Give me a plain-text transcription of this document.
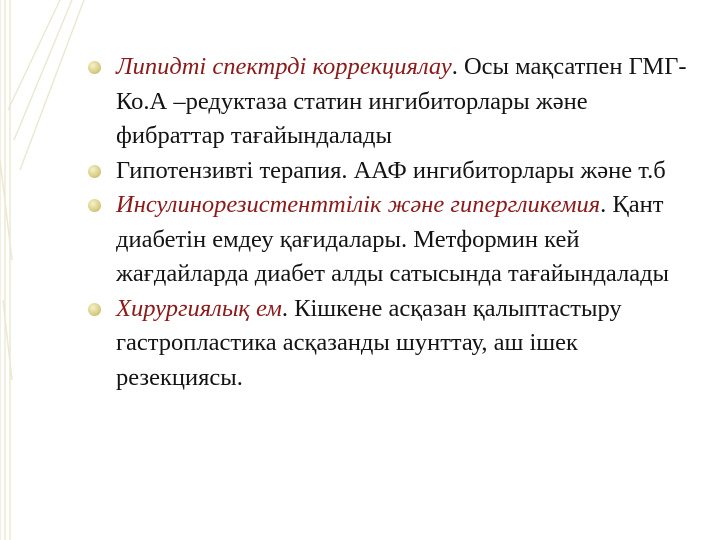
Липидті спектрді коррекциялау. Осы мақсатпен ГМГ-Ко.А –редуктаза статин ингибиторлары және фибраттар тағайындалады

Гипотензивті терапия. ААФ ингибиторлары және т.б

Инсулинорезистенттілік және гипергликемия. Қант диабетін емдеу қағидалары. Метформин кей жағдайларда диабет алды сатысында тағайындалады

Хирургиялық ем. Кішкене асқазан қалыптастыру гастропластика асқазанды шунттау, аш ішек резекциясы.
